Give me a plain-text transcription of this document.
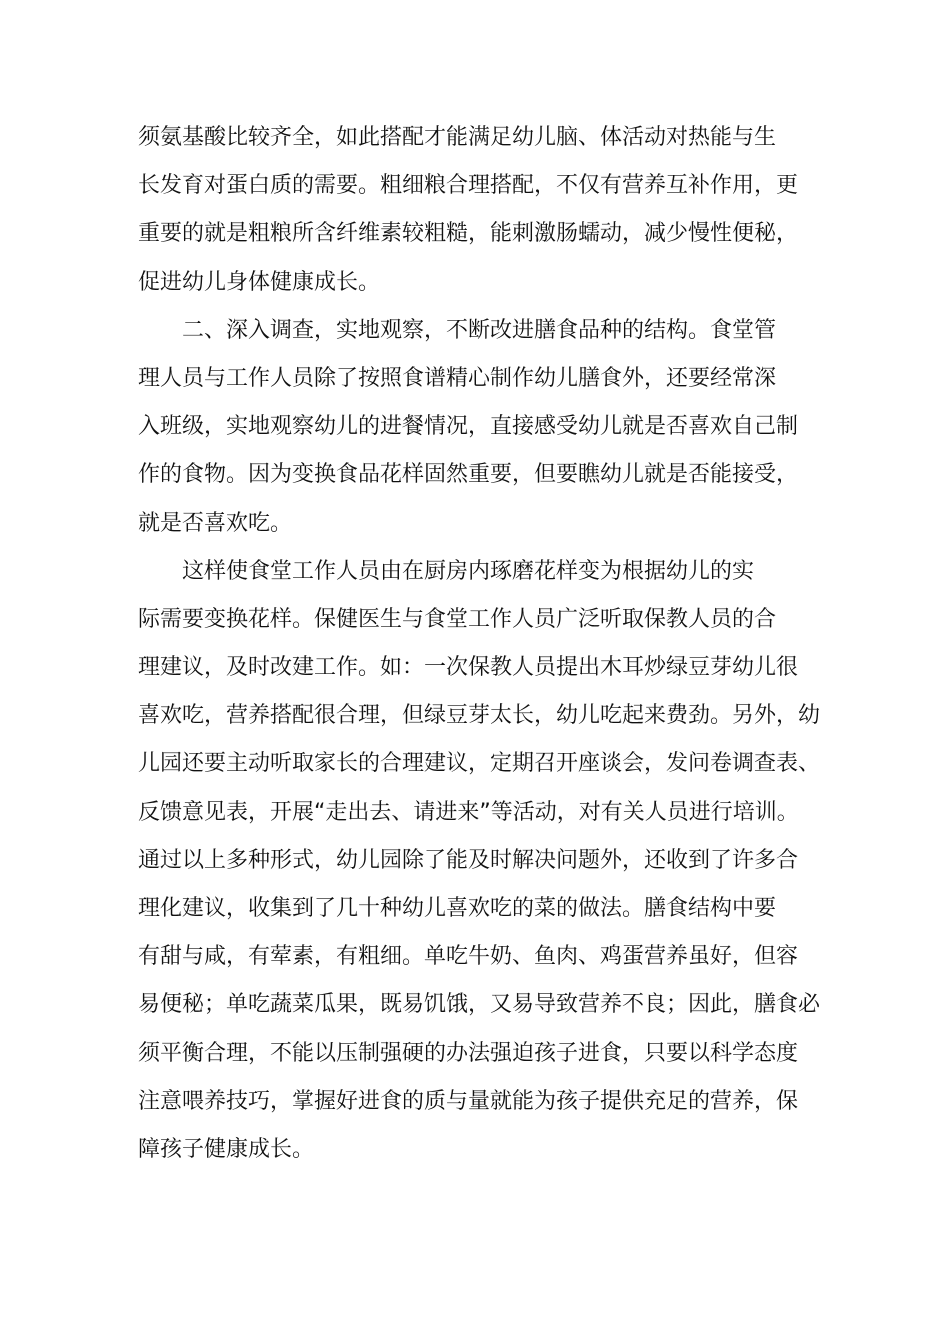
须氨基酸比较齐全，如此搭配才能满足幼儿脑、体活动对热能与生
长发育对蛋白质的需要。粗细粮合理搭配，不仅有营养互补作用，更
重要的就是粗粮所含纤维素较粗糙，能刺激肠蠕动，减少慢性便秘，
促进幼儿身体健康成长。
二、深入调查，实地观察，不断改进膳食品种的结构。食堂管
理人员与工作人员除了按照食谱精心制作幼儿膳食外，还要经常深
入班级，实地观察幼儿的进餐情况，直接感受幼儿就是否喜欢自己制
作的食物。因为变换食品花样固然重要，但要瞧幼儿就是否能接受，
就是否喜欢吃。
这样使食堂工作人员由在厨房内琢磨花样变为根据幼儿的实
际需要变换花样。保健医生与食堂工作人员广泛听取保教人员的合
理建议，及时改建工作。如：一次保教人员提出木耳炒绿豆芽幼儿很
喜欢吃，营养搭配很合理，但绿豆芽太长，幼儿吃起来费劲。另外，幼
儿园还要主动听取家长的合理建议，定期召开座谈会，发问卷调查表、
反馈意见表，开展“走出去、请进来”等活动，对有关人员进行培训。
通过以上多种形式，幼儿园除了能及时解决问题外，还收到了许多合
理化建议，收集到了几十种幼儿喜欢吃的菜的做法。膳食结构中要
有甜与咸，有荤素，有粗细。单吃牛奶、鱼肉、鸡蛋营养虽好，但容
易便秘；单吃蔬菜瓜果，既易饥饿，又易导致营养不良；因此，膳食必
须平衡合理，不能以压制强硬的办法强迫孩子进食，只要以科学态度
注意喂养技巧，掌握好进食的质与量就能为孩子提供充足的营养，保
障孩子健康成长。
